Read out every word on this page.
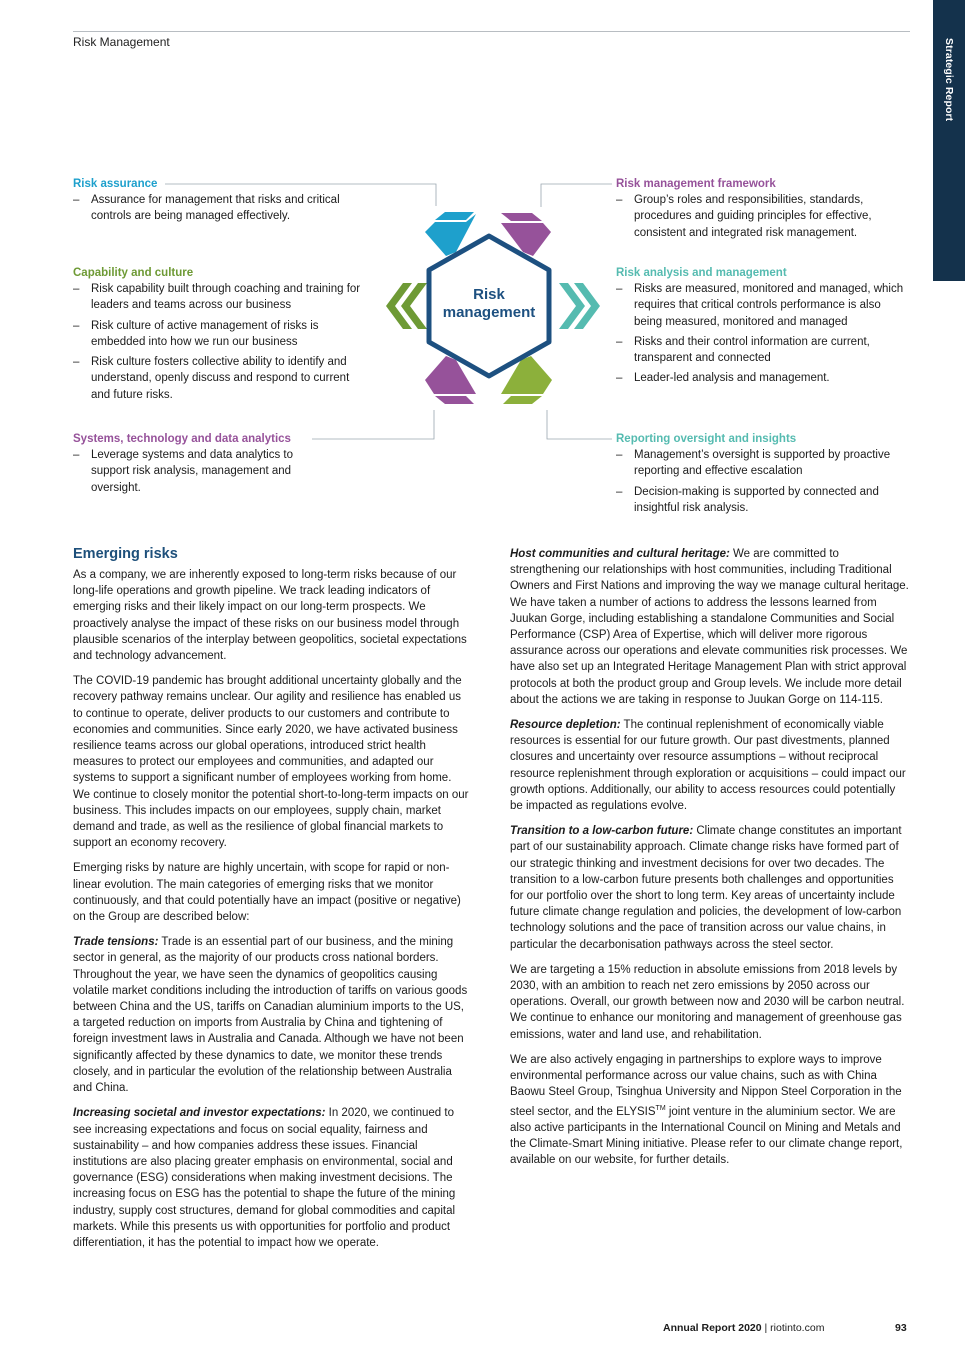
Risk Management	Strategic Report
Risk
management
Risk assurance
– Assurance for management that risks and critical controls are being managed effectively.
Capability and culture
– Risk capability built through coaching and training for leaders and teams across our business
– Risk culture of active management of risks is embedded into how we run our business
– Risk culture fosters collective ability to identify and understand, openly discuss and respond to current and future risks.
Systems, technology and data analytics
– Leverage systems and data analytics to support risk analysis, management and oversight.
Risk management framework
– Group’s roles and responsibilities, standards, procedures and guiding principles for effective, consistent and integrated risk management.
Risk analysis and management
– Risks are measured, monitored and managed, which requires that critical controls performance is also being measured, monitored and managed
– Risks and their control information are current, transparent and connected
– Leader-led analysis and management.
Reporting oversight and insights
– Management’s oversight is supported by proactive reporting and effective escalation
– Decision-making is supported by connected and insightful risk analysis.
Emerging risks

As a company, we are inherently exposed to long-term risks because of our long-life operations and growth pipeline. We track leading indicators of emerging risks and their likely impact on our long-term prospects. We proactively analyse the impact of these risks on our business model through plausible scenarios of the interplay between geopolitics, societal expectations and technology advancement.

The COVID-19 pandemic has brought additional uncertainty globally and the recovery pathway remains unclear. Our agility and resilience has enabled us to continue to operate, deliver products to our customers and contribute to economies and communities. Since early 2020, we have activated business resilience teams across our global operations, introduced strict health measures to protect our employees and communities, and adapted our systems to support a significant number of employees working from home. We continue to closely monitor the potential short-to-long-term impacts on our business. This includes impacts on our employees, supply chain, market demand and trade, as well as the resilience of global financial markets to support an economy recovery.

Emerging risks by nature are highly uncertain, with scope for rapid or non-linear evolution. The main categories of emerging risks that we monitor continuously, and that could potentially have an impact (positive or negative) on the Group are described below:

Trade tensions: Trade is an essential part of our business, and the mining sector in general, as the majority of our products cross national borders. Throughout the year, we have seen the dynamics of geopolitics causing volatile market conditions including the introduction of tariffs on various goods between China and the US, tariffs on Canadian aluminium imports to the US, a targeted reduction on imports from Australia by China and tightening of foreign investment laws in Australia and Canada. Although we have not been significantly affected by these dynamics to date, we monitor these trends closely, and in particular the evolution of the relationship between Australia and China.

Increasing societal and investor expectations: In 2020, we continued to see increasing expectations and focus on social equality, fairness and sustainability – and how companies address these issues. Financial institutions are also placing greater emphasis on environmental, social and governance (ESG) considerations when making investment decisions. The increasing focus on ESG has the potential to shape the future of the mining industry, supply cost structures, demand for global commodities and capital markets. While this presents us with opportunities for portfolio and product differentiation, it has the potential to impact how we operate.

Host communities and cultural heritage: We are committed to strengthening our relationships with host communities, including Traditional Owners and First Nations and improving the way we manage cultural heritage. We have taken a number of actions to address the lessons learned from Juukan Gorge, including establishing a standalone Communities and Social Performance (CSP) Area of Expertise, which will deliver more rigorous assurance across our operations and elevate communities risk processes. We have also set up an Integrated Heritage Management Plan with strict approval protocols at both the product group and Group levels. We include more detail about the actions we are taking in response to Juukan Gorge on 114-115.

Resource depletion: The continual replenishment of economically viable resources is essential for our future growth. Our past divestments, planned closures and uncertainty over resource assumptions – without reciprocal resource replenishment through exploration or acquisitions – could impact our growth options. Additionally, our ability to access resources could potentially be impacted as regulations evolve.

Transition to a low-carbon future: Climate change constitutes an important part of our sustainability approach. Climate change risks have formed part of our strategic thinking and investment decisions for over two decades. The transition to a low-carbon future presents both challenges and opportunities for our portfolio over the short to long term. Key areas of uncertainty include future climate change regulation and policies, the development of low-carbon technology solutions and the pace of transition across our value chains, in particular the decarbonisation pathways across the steel sector.

We are targeting a 15% reduction in absolute emissions from 2018 levels by 2030, with an ambition to reach net zero emissions by 2050 across our operations. Overall, our growth between now and 2030 will be carbon neutral. We continue to enhance our monitoring and management of greenhouse gas emissions, water and land use, and rehabilitation.

We are also actively engaging in partnerships to explore ways to improve environmental performance across our value chains, such as with China Baowu Steel Group, Tsinghua University and Nippon Steel Corporation in the steel sector, and the ELYSIS™ joint venture in the aluminium sector. We are also active participants in the International Council on Mining and Metals and the Climate-Smart Mining initiative. Please refer to our climate change report, available on our website, for further details.

Annual Report 2020 | riotinto.com	93
